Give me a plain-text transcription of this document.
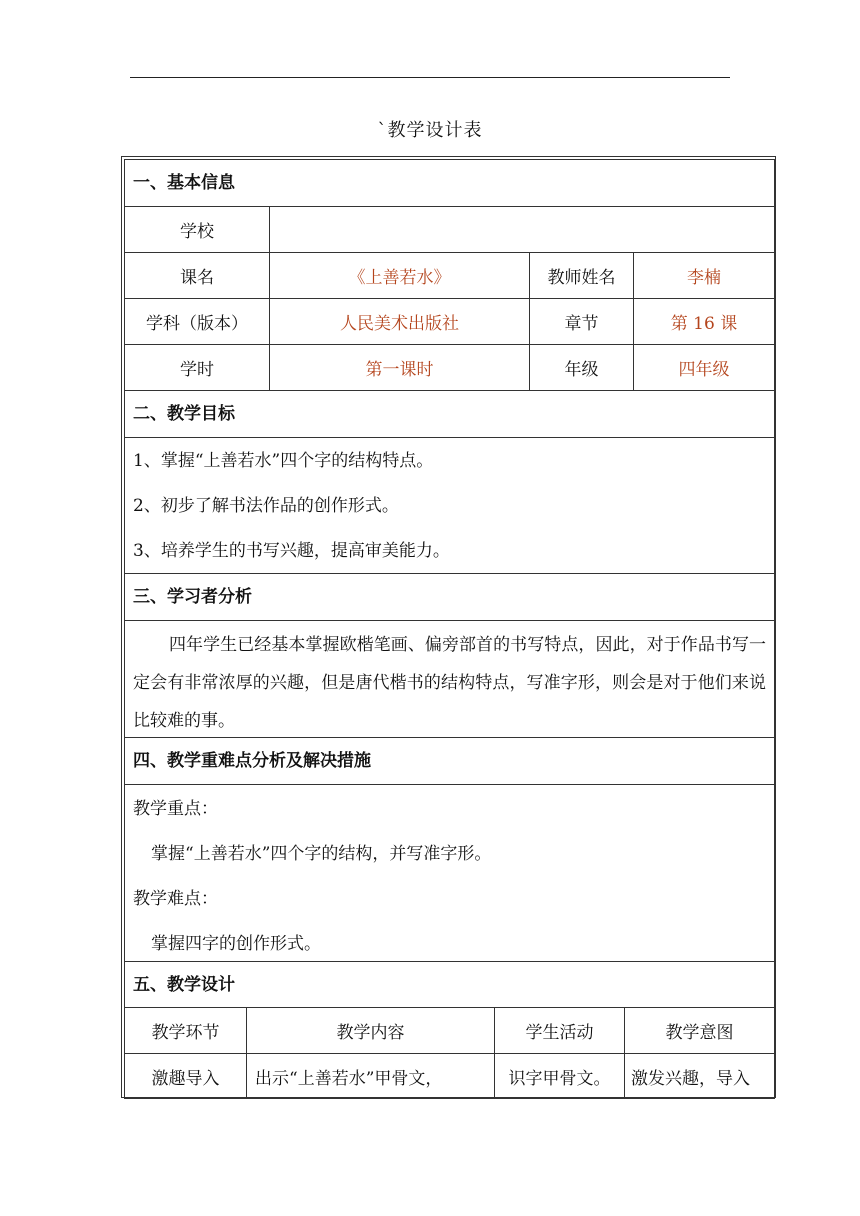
`教学设计表
一、基本信息
学校
课名	《上善若水》	教师姓名	李楠
学科（版本）	人民美术出版社	章节	第 16 课
学时	第一课时	年级	四年级
二、教学目标
1、掌握“上善若水”四个字的结构特点。
2、初步了解书法作品的创作形式。
3、培养学生的书写兴趣，提高审美能力。
三、学习者分析
四年学生已经基本掌握欧楷笔画、偏旁部首的书写特点，因此，对于作品书写一定会有非常浓厚的兴趣，但是唐代楷书的结构特点，写准字形，则会是对于他们来说比较难的事。
四、教学重难点分析及解决措施
教学重点：
掌握“上善若水”四个字的结构，并写准字形。
教学难点：
掌握四字的创作形式。
五、教学设计
教学环节	教学内容	学生活动	教学意图
激趣导入	出示“上善若水”甲骨文，	识字甲骨文。	激发兴趣，导入
